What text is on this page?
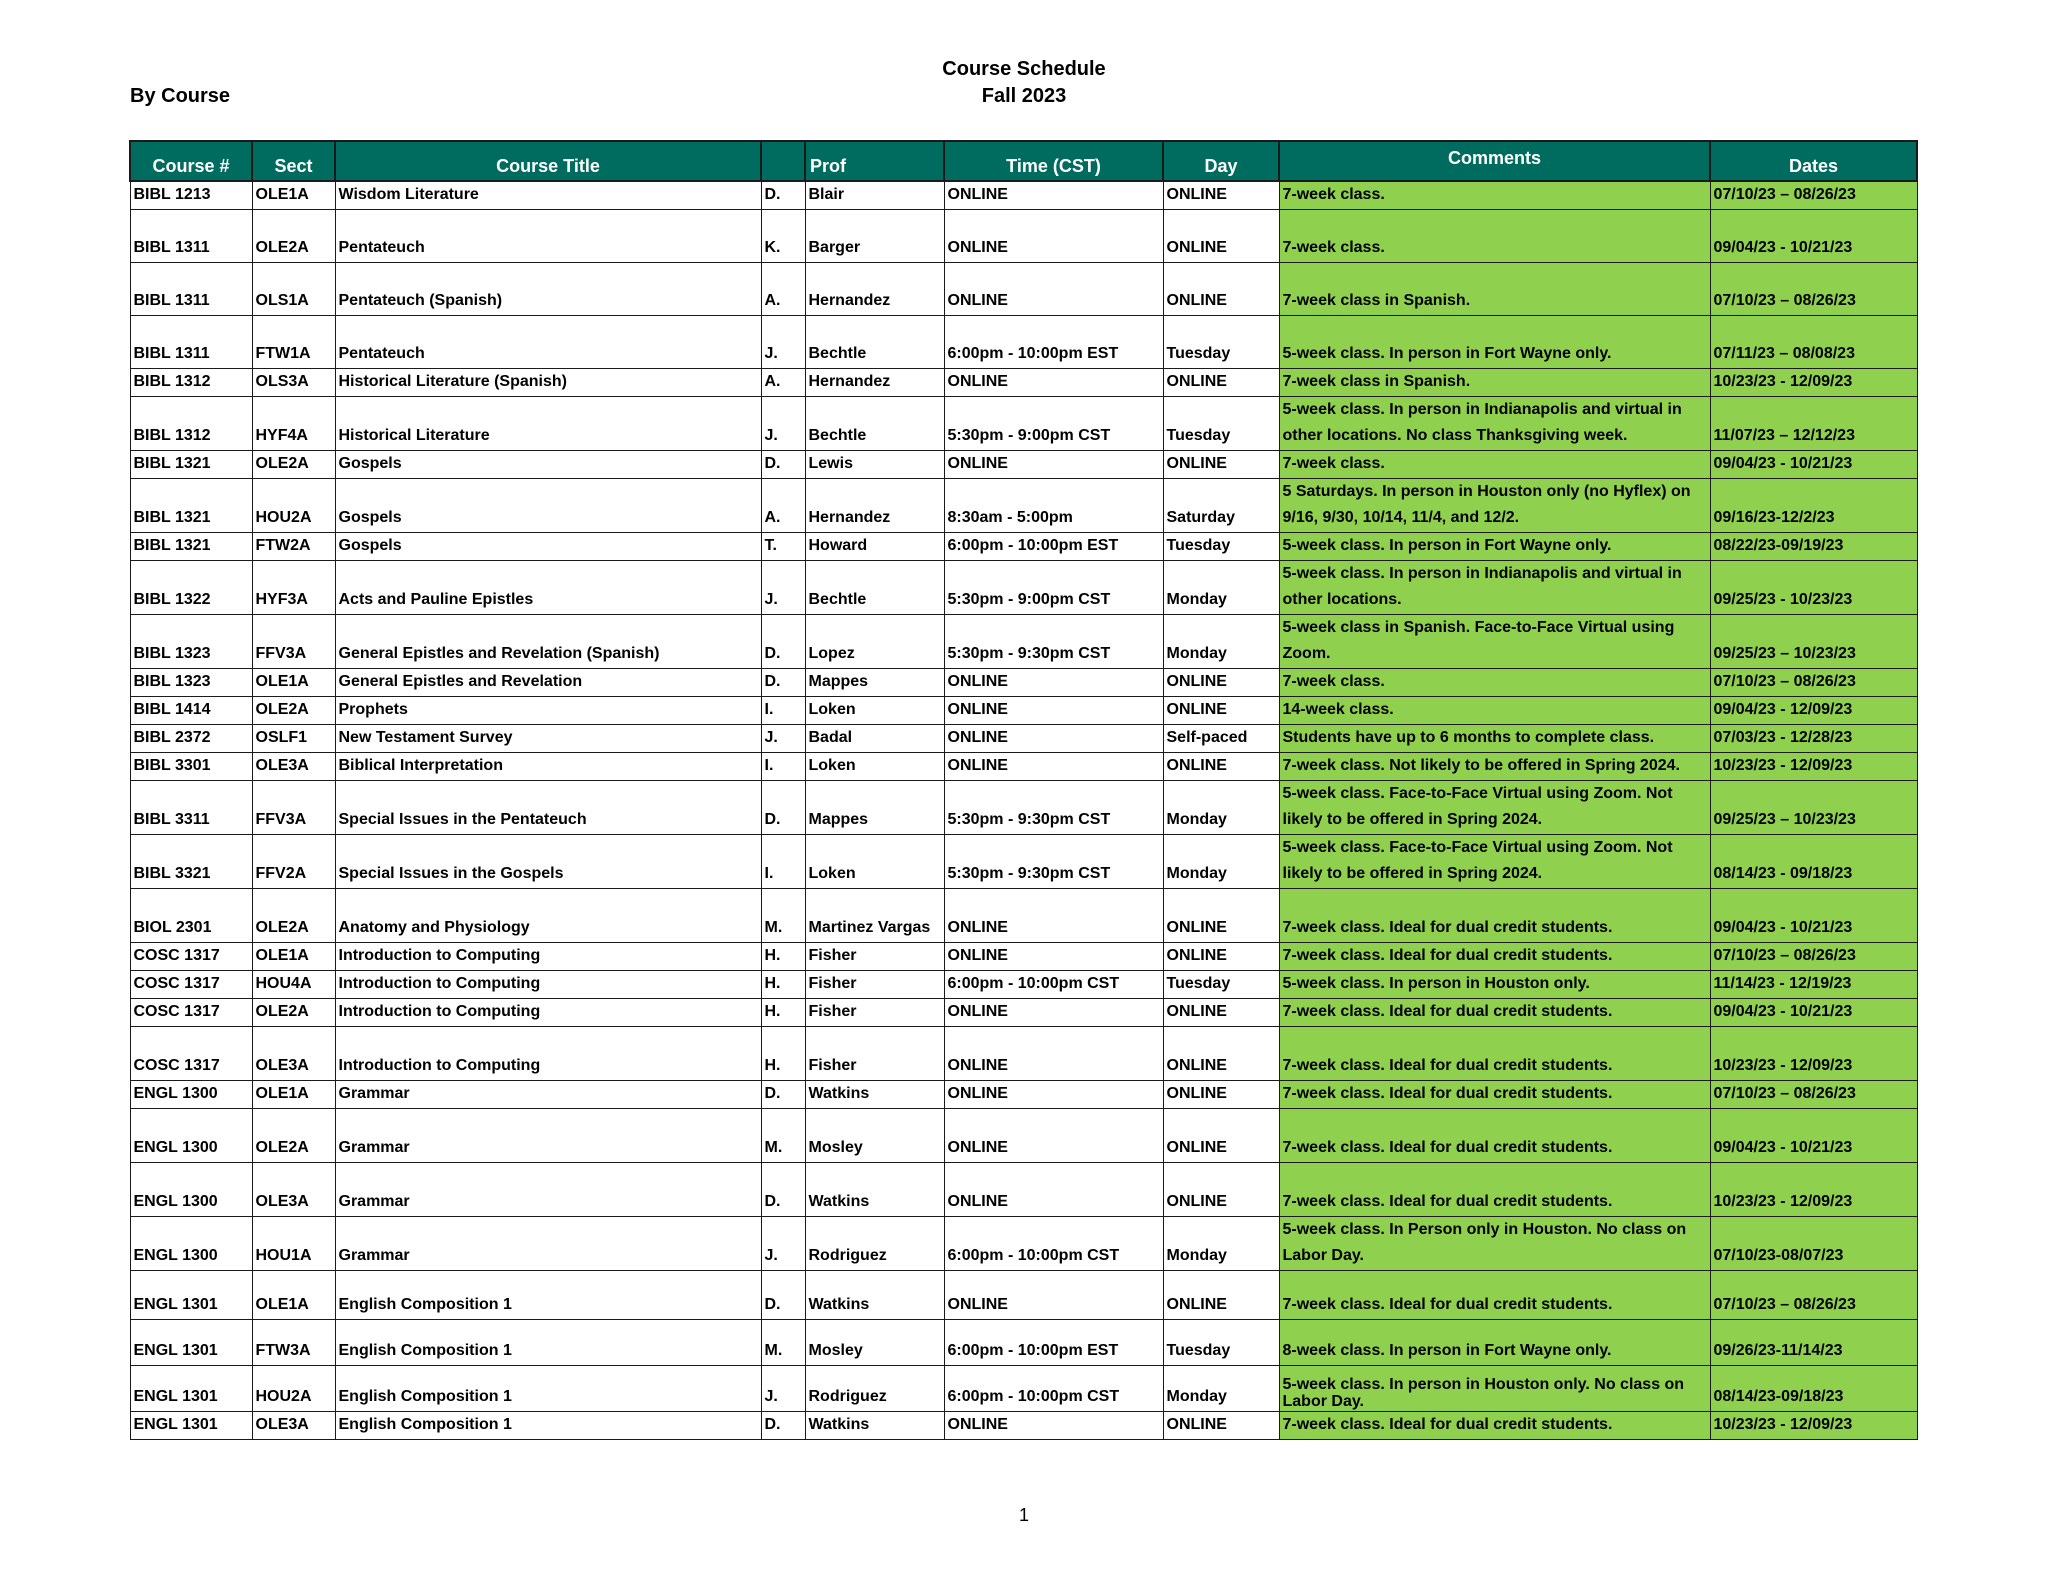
Course Schedule
Fall 2023
By Course
Course #	Sect	Course Title		Prof	Time (CST)	Day	Comments	Dates
BIBL 1213	OLE1A	Wisdom Literature	D.	Blair	ONLINE	ONLINE	7-week class.	07/10/23 – 08/26/23
BIBL 1311	OLE2A	Pentateuch	K.	Barger	ONLINE	ONLINE	7-week class.	09/04/23 - 10/21/23
BIBL 1311	OLS1A	Pentateuch (Spanish)	A.	Hernandez	ONLINE	ONLINE	7-week class in Spanish.	07/10/23 – 08/26/23
BIBL 1311	FTW1A	Pentateuch	J.	Bechtle	6:00pm - 10:00pm EST	Tuesday	5-week class. In person in Fort Wayne only.	07/11/23 – 08/08/23
BIBL 1312	OLS3A	Historical Literature (Spanish)	A.	Hernandez	ONLINE	ONLINE	7-week class in Spanish.	10/23/23 - 12/09/23
BIBL 1312	HYF4A	Historical Literature	J.	Bechtle	5:30pm - 9:00pm CST	Tuesday	5-week class. In person in Indianapolis and virtual in other locations. No class Thanksgiving week.	11/07/23 – 12/12/23
BIBL 1321	OLE2A	Gospels	D.	Lewis	ONLINE	ONLINE	7-week class.	09/04/23 - 10/21/23
BIBL 1321	HOU2A	Gospels	A.	Hernandez	8:30am - 5:00pm	Saturday	5 Saturdays. In person in Houston only (no Hyflex) on 9/16, 9/30, 10/14, 11/4, and 12/2.	09/16/23-12/2/23
BIBL 1321	FTW2A	Gospels	T.	Howard	6:00pm - 10:00pm EST	Tuesday	5-week class. In person in Fort Wayne only.	08/22/23-09/19/23
BIBL 1322	HYF3A	Acts and Pauline Epistles	J.	Bechtle	5:30pm - 9:00pm CST	Monday	5-week class. In person in Indianapolis and virtual in other locations.	09/25/23 - 10/23/23
BIBL 1323	FFV3A	General Epistles and Revelation (Spanish)	D.	Lopez	5:30pm - 9:30pm CST	Monday	5-week class in Spanish. Face-to-Face Virtual using Zoom.	09/25/23 – 10/23/23
BIBL 1323	OLE1A	General Epistles and Revelation	D.	Mappes	ONLINE	ONLINE	7-week class.	07/10/23 – 08/26/23
BIBL 1414	OLE2A	Prophets	I.	Loken	ONLINE	ONLINE	14-week class.	09/04/23 - 12/09/23
BIBL 2372	OSLF1	New Testament Survey	J.	Badal	ONLINE	Self-paced	Students have up to 6 months to complete class.	07/03/23 - 12/28/23
BIBL 3301	OLE3A	Biblical Interpretation	I.	Loken	ONLINE	ONLINE	7-week class. Not likely to be offered in Spring 2024.	10/23/23 - 12/09/23
BIBL 3311	FFV3A	Special Issues in the Pentateuch	D.	Mappes	5:30pm - 9:30pm CST	Monday	5-week class. Face-to-Face Virtual using Zoom. Not likely to be offered in Spring 2024.	09/25/23 – 10/23/23
BIBL 3321	FFV2A	Special Issues in the Gospels	I.	Loken	5:30pm - 9:30pm CST	Monday	5-week class. Face-to-Face Virtual using Zoom. Not likely to be offered in Spring 2024.	08/14/23 - 09/18/23
BIOL 2301	OLE2A	Anatomy and Physiology	M.	Martinez Vargas	ONLINE	ONLINE	7-week class. Ideal for dual credit students.	09/04/23 - 10/21/23
COSC 1317	OLE1A	Introduction to Computing	H.	Fisher	ONLINE	ONLINE	7-week class. Ideal for dual credit students.	07/10/23 – 08/26/23
COSC 1317	HOU4A	Introduction to Computing	H.	Fisher	6:00pm - 10:00pm CST	Tuesday	5-week class. In person in Houston only.	11/14/23 - 12/19/23
COSC 1317	OLE2A	Introduction to Computing	H.	Fisher	ONLINE	ONLINE	7-week class. Ideal for dual credit students.	09/04/23 - 10/21/23
COSC 1317	OLE3A	Introduction to Computing	H.	Fisher	ONLINE	ONLINE	7-week class. Ideal for dual credit students.	10/23/23 - 12/09/23
ENGL 1300	OLE1A	Grammar	D.	Watkins	ONLINE	ONLINE	7-week class. Ideal for dual credit students.	07/10/23 – 08/26/23
ENGL 1300	OLE2A	Grammar	M.	Mosley	ONLINE	ONLINE	7-week class. Ideal for dual credit students.	09/04/23 - 10/21/23
ENGL 1300	OLE3A	Grammar	D.	Watkins	ONLINE	ONLINE	7-week class. Ideal for dual credit students.	10/23/23 - 12/09/23
ENGL 1300	HOU1A	Grammar	J.	Rodriguez	6:00pm - 10:00pm CST	Monday	5-week class. In Person only in Houston. No class on Labor Day.	07/10/23-08/07/23
ENGL 1301	OLE1A	English Composition 1	D.	Watkins	ONLINE	ONLINE	7-week class. Ideal for dual credit students.	07/10/23 – 08/26/23
ENGL 1301	FTW3A	English Composition 1	M.	Mosley	6:00pm - 10:00pm EST	Tuesday	8-week class. In person in Fort Wayne only.	09/26/23-11/14/23
ENGL 1301	HOU2A	English Composition 1	J.	Rodriguez	6:00pm - 10:00pm CST	Monday	5-week class. In person in Houston only. No class on Labor Day.	08/14/23-09/18/23
ENGL 1301	OLE3A	English Composition 1	D.	Watkins	ONLINE	ONLINE	7-week class. Ideal for dual credit students.	10/23/23 - 12/09/23
1
